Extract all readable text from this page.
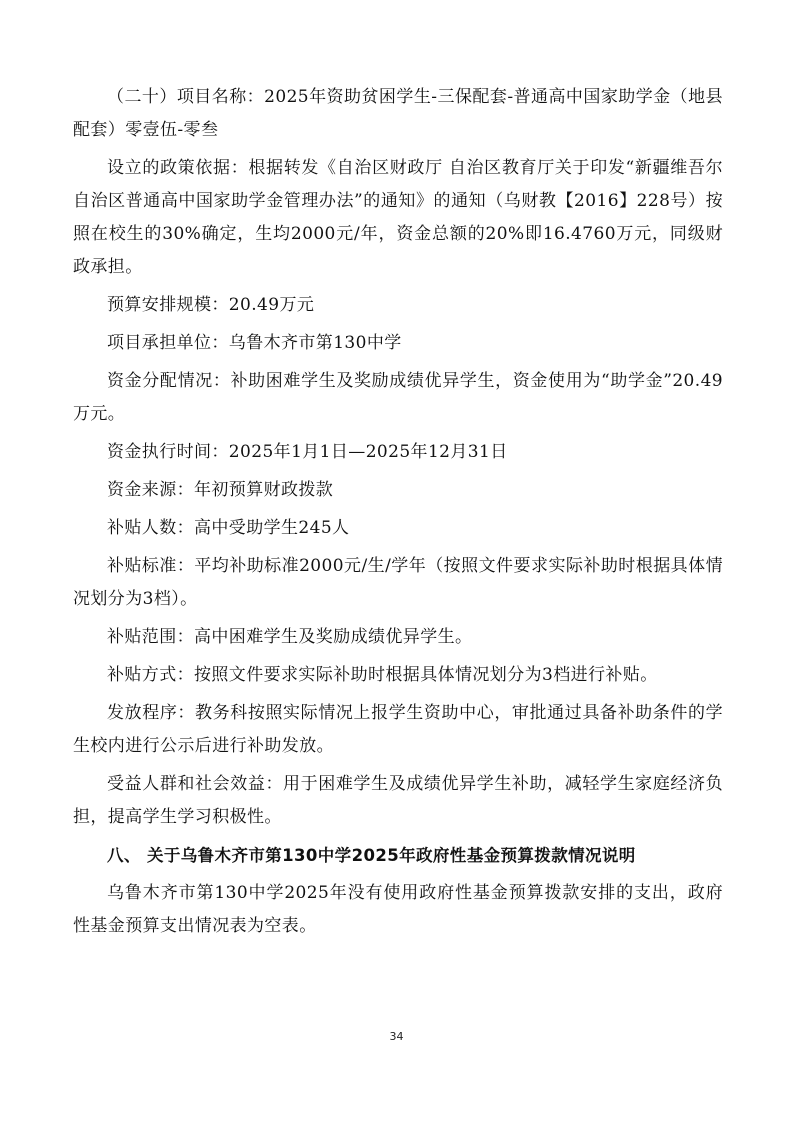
（二十）项目名称：2025年资助贫困学生-三保配套-普通高中国家助学金（地县配套）零壹伍-零叁

设立的政策依据：根据转发《自治区财政厅 自治区教育厅关于印发“新疆维吾尔自治区普通高中国家助学金管理办法”的通知》的通知（乌财教【2016】228号）按照在校生的30%确定，生均2000元/年，资金总额的20%即16.4760万元，同级财政承担。

预算安排规模：20.49万元

项目承担单位：乌鲁木齐市第130中学

资金分配情况：补助困难学生及奖励成绩优异学生，资金使用为“助学金”20.49万元。

资金执行时间：2025年1月1日—2025年12月31日

资金来源：年初预算财政拨款

补贴人数：高中受助学生245人

补贴标准：平均补助标准2000元/生/学年（按照文件要求实际补助时根据具体情况划分为3档）。

补贴范围：高中困难学生及奖励成绩优异学生。

补贴方式：按照文件要求实际补助时根据具体情况划分为3档进行补贴。

发放程序：教务科按照实际情况上报学生资助中心，审批通过具备补助条件的学生校内进行公示后进行补助发放。

受益人群和社会效益：用于困难学生及成绩优异学生补助，减轻学生家庭经济负担，提高学生学习积极性。

八、 关于乌鲁木齐市第130中学2025年政府性基金预算拨款情况说明

乌鲁木齐市第130中学2025年没有使用政府性基金预算拨款安排的支出，政府性基金预算支出情况表为空表。

34
